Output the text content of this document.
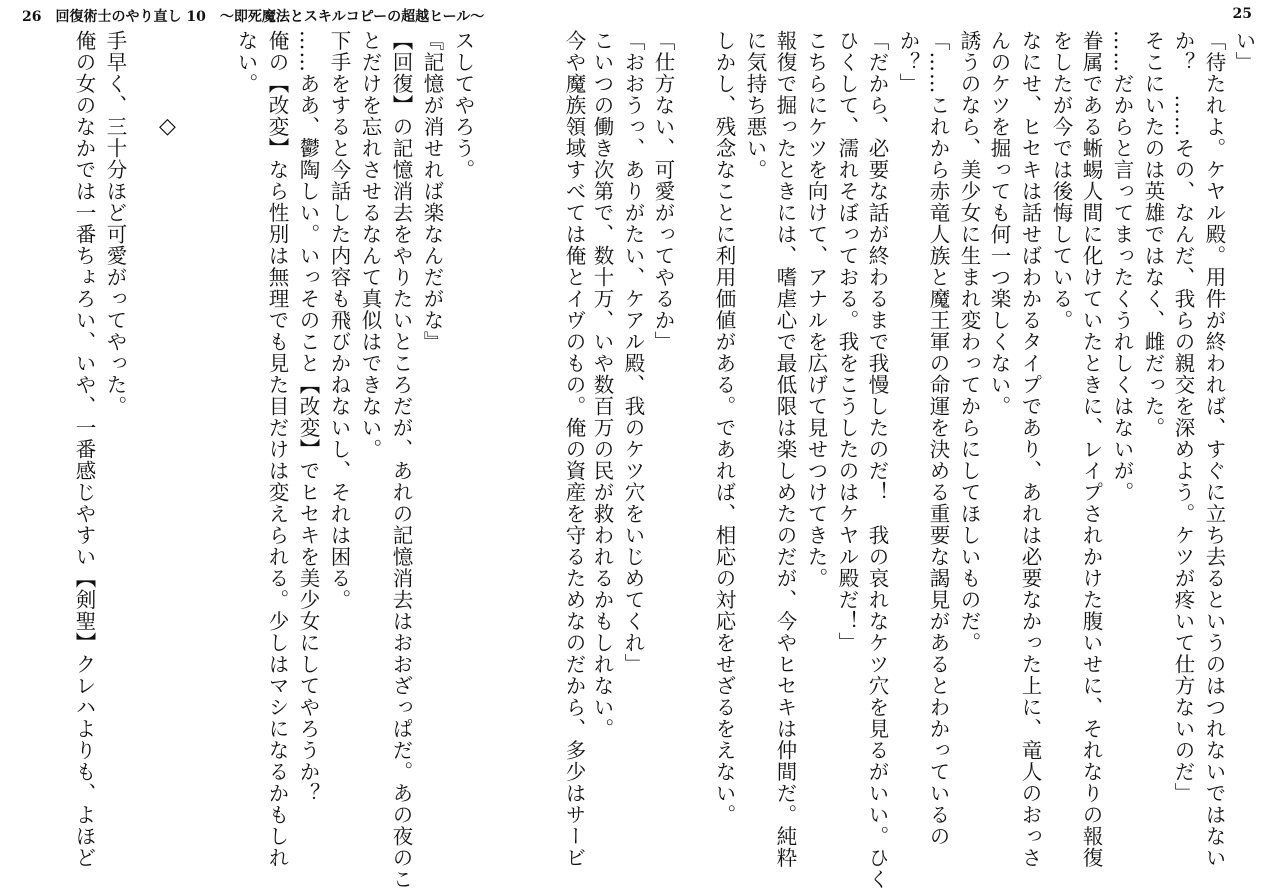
26　回復術士のやり直し 10　〜即死魔法とスキルコピーの超越ヒール〜	25
い」
「待たれよ。ケヤル殿。用件が終われば、すぐに立ち去るというのはつれないではない
か？　……その、なんだ、我らの親交を深めよう。ケツが疼いて仕方ないのだ」
そこにいたのは英雄ではなく、雌だった。
……だからと言ってまったくうれしくはないが。
眷属である蜥蜴人間に化けていたときに、レイプされかけた腹いせに、それなりの報復
をしたが今では後悔している。
なにせ、ヒセキは話せばわかるタイプであり、あれは必要なかった上に、竜人のおっさ
んのケツを掘っても何一つ楽しくない。
誘うのなら、美少女に生まれ変わってからにしてほしいものだ。
「……これから赤竜人族と魔王軍の命運を決める重要な謁見があるとわかっているの
か？」
「だから、必要な話が終わるまで我慢したのだ！　我の哀れなケツ穴を見るがいい。ひく
ひくして、濡れそぼっておる。我をこうしたのはケヤル殿だ！」
こちらにケツを向けて、アナルを広げて見せつけてきた。
報復で掘ったときには、嗜虐心で最低限は楽しめたのだが、今やヒセキは仲間だ。純粋
に気持ち悪い。
しかし、残念なことに利用価値がある。であれば、相応の対応をせざるをえない。
「仕方ない、可愛がってやるか」
「おおうっ、ありがたい、ケアル殿、我のケツ穴をいじめてくれ」
こいつの働き次第で、数十万、いや数百万の民が救われるかもしれない。
今や魔族領域すべては俺とイヴのもの。俺の資産を守るためなのだから、多少はサービ
スしてやろう。
『記憶が消せれば楽なんだがな』
【回復】の記憶消去をやりたいところだが、あれの記憶消去はおおざっぱだ。あの夜のこ
とだけを忘れさせるなんて真似はできない。
下手をすると今話した内容も飛びかねないし、それは困る。
……ああ、鬱陶しい。いっそのこと【改変】でヒセキを美少女にしてやろうか？
俺の【改変】なら性別は無理でも見た目だけは変えられる。少しはマシになるかもしれ
ない。
◇
手早く、三十分ほど可愛がってやった。
俺の女のなかでは一番ちょろい、いや、一番感じやすい【剣聖】クレハよりも、よほど
